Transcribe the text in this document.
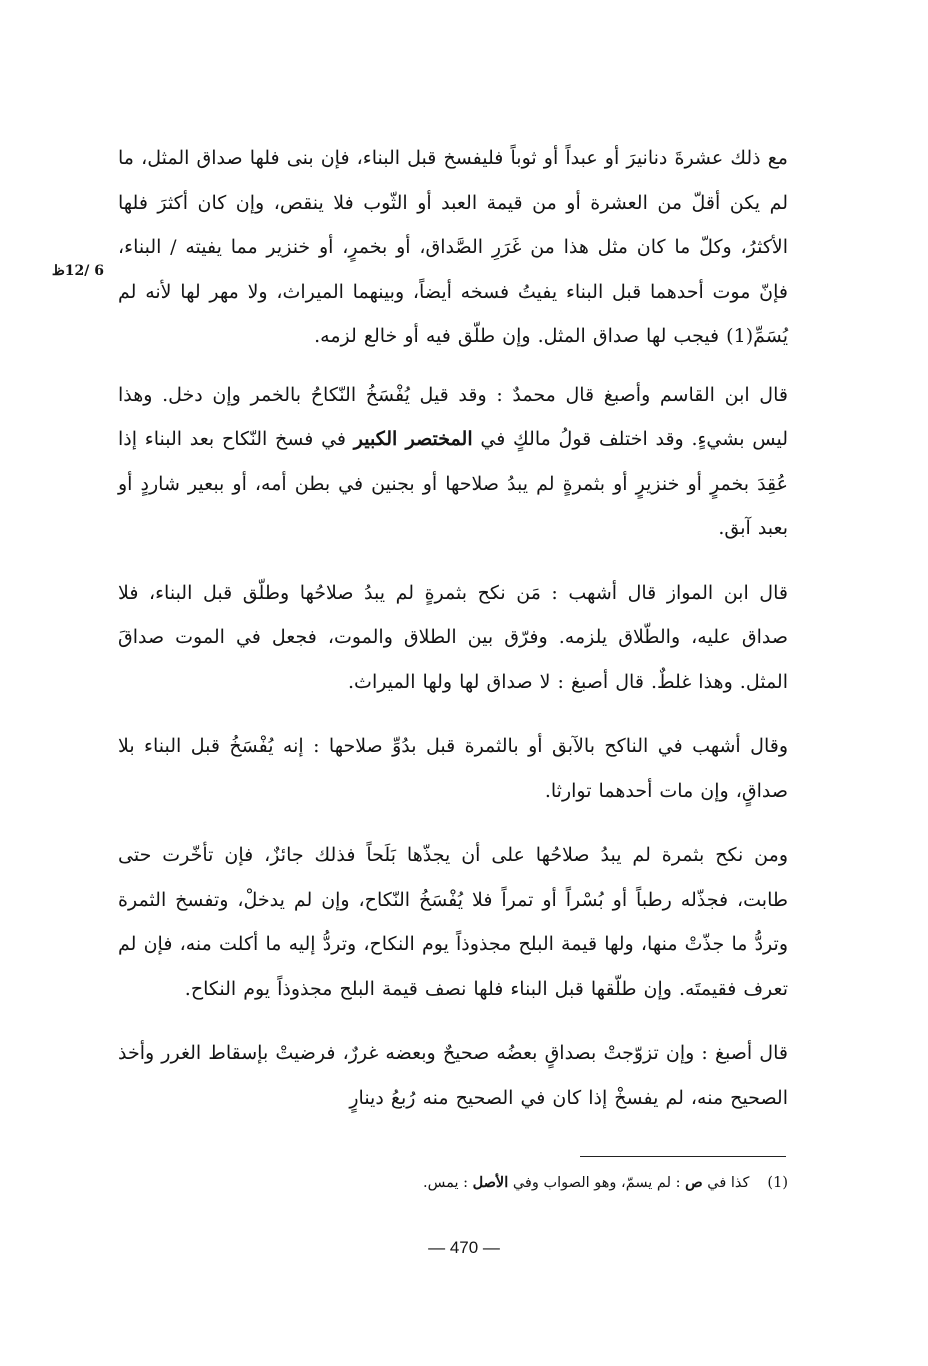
6 /12ظ

مع ذلك عشرةَ دنانيرَ أو عبداً أو ثوباً فليفسخ قبل البناء، فإن بنى فلها صداق المثل، ما لم يكن أقلّ من العشرة أو من قيمة العبد أو الثّوب فلا ينقص، وإن كان أكثرَ فلها الأكثرُ، وكلّ ما كان مثل هذا من غَرَرِ الصَّداق، أو بخمرٍ، أو خنزير مما يفيته / البناء، فإنّ موت أحدهما قبل البناء يفيتُ فسخه أيضاً، وبينهما الميراث، ولا مهر لها لأنه لم يُسَمِّ(1) فيجب لها صداق المثل. وإن طلّق فيه أو خالع لزمه.

قال ابن القاسم وأصبغ قال محمدٌ : وقد قيل يُفْسَخُ النّكاحُ بالخمر وإن دخل. وهذا ليس بشيءٍ. وقد اختلف قولُ مالكٍ في المختصر الكبير في فسخ النّكاح بعد البناء إذا عُقِدَ بخمرٍ أو خنزيرٍ أو بثمرةٍ لم يبدُ صلاحها أو بجنين في بطن أمه، أو ببعير شاردٍ أو بعبد آبق.

قال ابن المواز قال أشهب : مَن نكح بثمرةٍ لم يبدُ صلاحُها وطلّق قبل البناء، فلا صداق عليه، والطّلاق يلزمه. وفرّق بين الطلاق والموت، فجعل في الموت صداقَ المثل. وهذا غلطٌ. قال أصبغ : لا صداق لها ولها الميراث.

وقال أشهب في الناكح بالآبق أو بالثمرة قبل بدُوِّ صلاحها : إنه يُفْسَخُ قبل البناء بلا صداقٍ، وإن مات أحدهما توارثا.

ومن نكح بثمرة لم يبدُ صلاحُها على أن يجذّها بَلَحاً فذلك جائزٌ، فإن تأخّرت حتى طابت، فجذّله رطباً أو بُسْراً أو تمراً فلا يُفْسَخُ النّكاح، وإن لم يدخلْ، وتفسخ الثمرة وتردُّ ما جذّتْ منها، ولها قيمة البلح مجذوذاً يوم النكاح، وتردُّ إليه ما أكلت منه، فإن لم تعرف فقيمتَه. وإن طلّقها قبل البناء فلها نصف قيمة البلح مجذوذاً يوم النكاح.

قال أصبغ : وإن تزوّجتْ بصداقٍ بعضُه صحيحٌ وبعضه غررٌ، فرضيتْ بإسقاط الغرر وأخذ الصحيح منه، لم يفسخْ إذا كان في الصحيح منه رُبعُ دينارٍ

(1)كذا في ص : لم يسمّ، وهو الصواب وفي الأصل : يمس.
— 470 —
